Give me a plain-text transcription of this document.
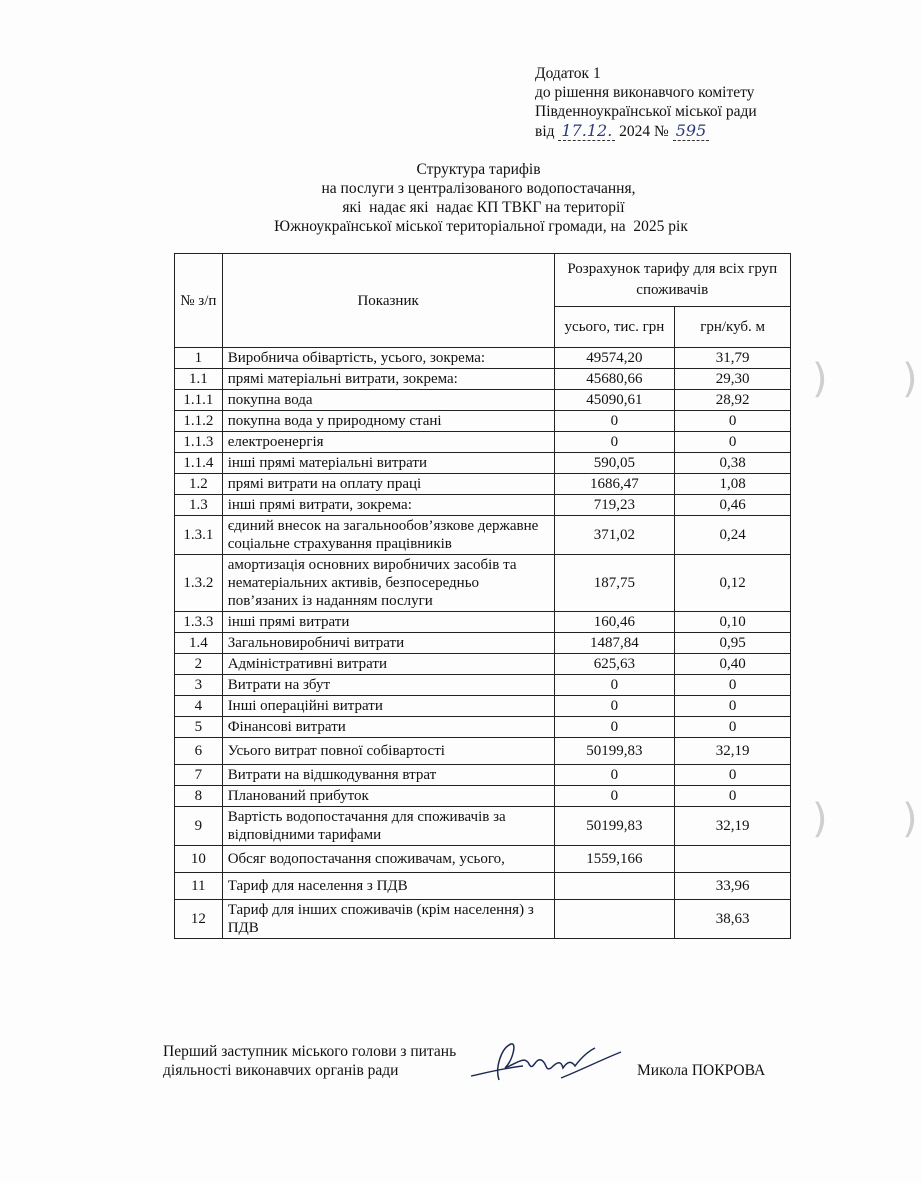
Додаток 1
до рішення виконавчого комітету
Південноукраїнської міської ради
від 17.12. 2024 № 595
Структура тарифів
на послуги з централізованого водопостачання,
які  надає які  надає КП ТВКГ на території
Южноукраїнської міської територіальної громади, на  2025 рік
№ з/п	Показник	Розрахунок тарифу для всіх груп споживачів	
		усього, тис. грн	грн/куб. м
1	Виробнича обівартість, усього, зокрема:	49574,20	31,79
1.1	прямі матеріальні витрати, зокрема:	45680,66	29,30
1.1.1	покупна вода	45090,61	28,92
1.1.2	покупна вода у природному стані	0	0
1.1.3	електроенергія	0	0
1.1.4	інші прямі матеріальні витрати	590,05	0,38
1.2	прямі витрати на оплату праці	1686,47	1,08
1.3	інші прямі витрати, зокрема:	719,23	0,46
1.3.1	єдиний внесок на загальнообов’язкове державне соціальне страхування працівників	371,02	0,24
1.3.2	амортизація основних виробничих засобів та нематеріальних активів, безпосередньо пов’язаних із наданням послуги	187,75	0,12
1.3.3	інші прямі витрати	160,46	0,10
1.4	Загальновиробничі витрати	1487,84	0,95
2	Адміністративні витрати	625,63	0,40
3	Витрати на збут	0	0
4	Інші операційні витрати	0	0
5	Фінансові витрати	0	0
6	Усього витрат повної собівартості	50199,83	32,19
7	Витрати на відшкодування втрат	0	0
8	Планований прибуток	0	0
9	Вартість водопостачання для споживачів за відповідними тарифами	50199,83	32,19
10	Обсяг водопостачання споживачам, усього,	1559,166	
11	Тариф для населення з ПДВ		33,96
12	Тариф для інших споживачів (крім населення) з ПДВ		38,63
Перший заступник міського голови з питань
діяльності виконавчих органів ради	Микола ПОКРОВА
) )
) )
